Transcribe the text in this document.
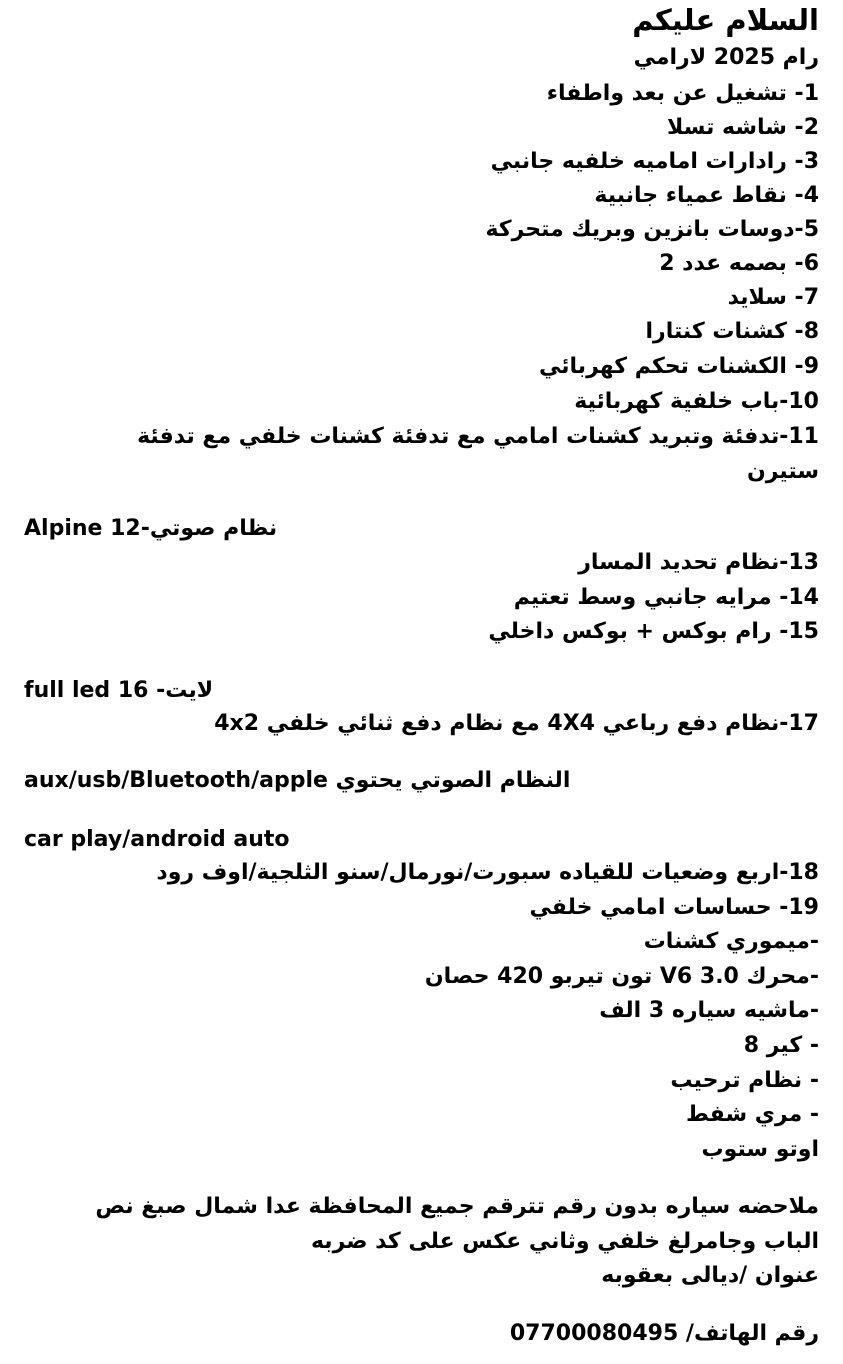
السلام عليكم
رام 2025 لارامي
1- تشغيل عن بعد واطفاء
2- شاشه تسلا
3- رادارات اماميه خلفيه جانبي
4- نقاط عمياء جانبية
5-دوسات بانزين وبريك متحركة
6- بصمه عدد 2
7- سلايد
8- كشنات كنتارا
9- الكشنات تحكم كهربائي
10-باب خلفية كهربائية
11-تدفئة وتبريد كشنات امامي مع تدفئة كشنات خلفي مع تدفئة
ستيرن
نظام صوتي-Alpine 12
13-نظام تحديد المسار
14- مرايه جانبي وسط تعتيم
15- رام بوكس + بوكس داخلي
لايت- full led 16
17-نظام دفع رباعي 4X4 مع نظام دفع ثنائي خلفي 4x2
النظام الصوتي يحتوي aux/usb/Bluetooth/apple
car play/android auto
18-اربع وضعيات للقياده سبورت/نورمال/سنو الثلجية/اوف رود
19- حساسات امامي خلفي
-ميموري كشنات
-محرك 3.0 V6 تون تيربو 420 حصان
-ماشيه سياره 3 الف
- كير 8
- نظام ترحيب
- مري شفط
اوتو ستوب
ملاحضه سياره بدون رقم تترقم جميع المحافظة عدا شمال صبغ نص
الباب وجامرلغ خلفي وثاني عكس على كد ضربه
عنوان /ديالى بعقوبه
رقم الهاتف/ 07700080495
